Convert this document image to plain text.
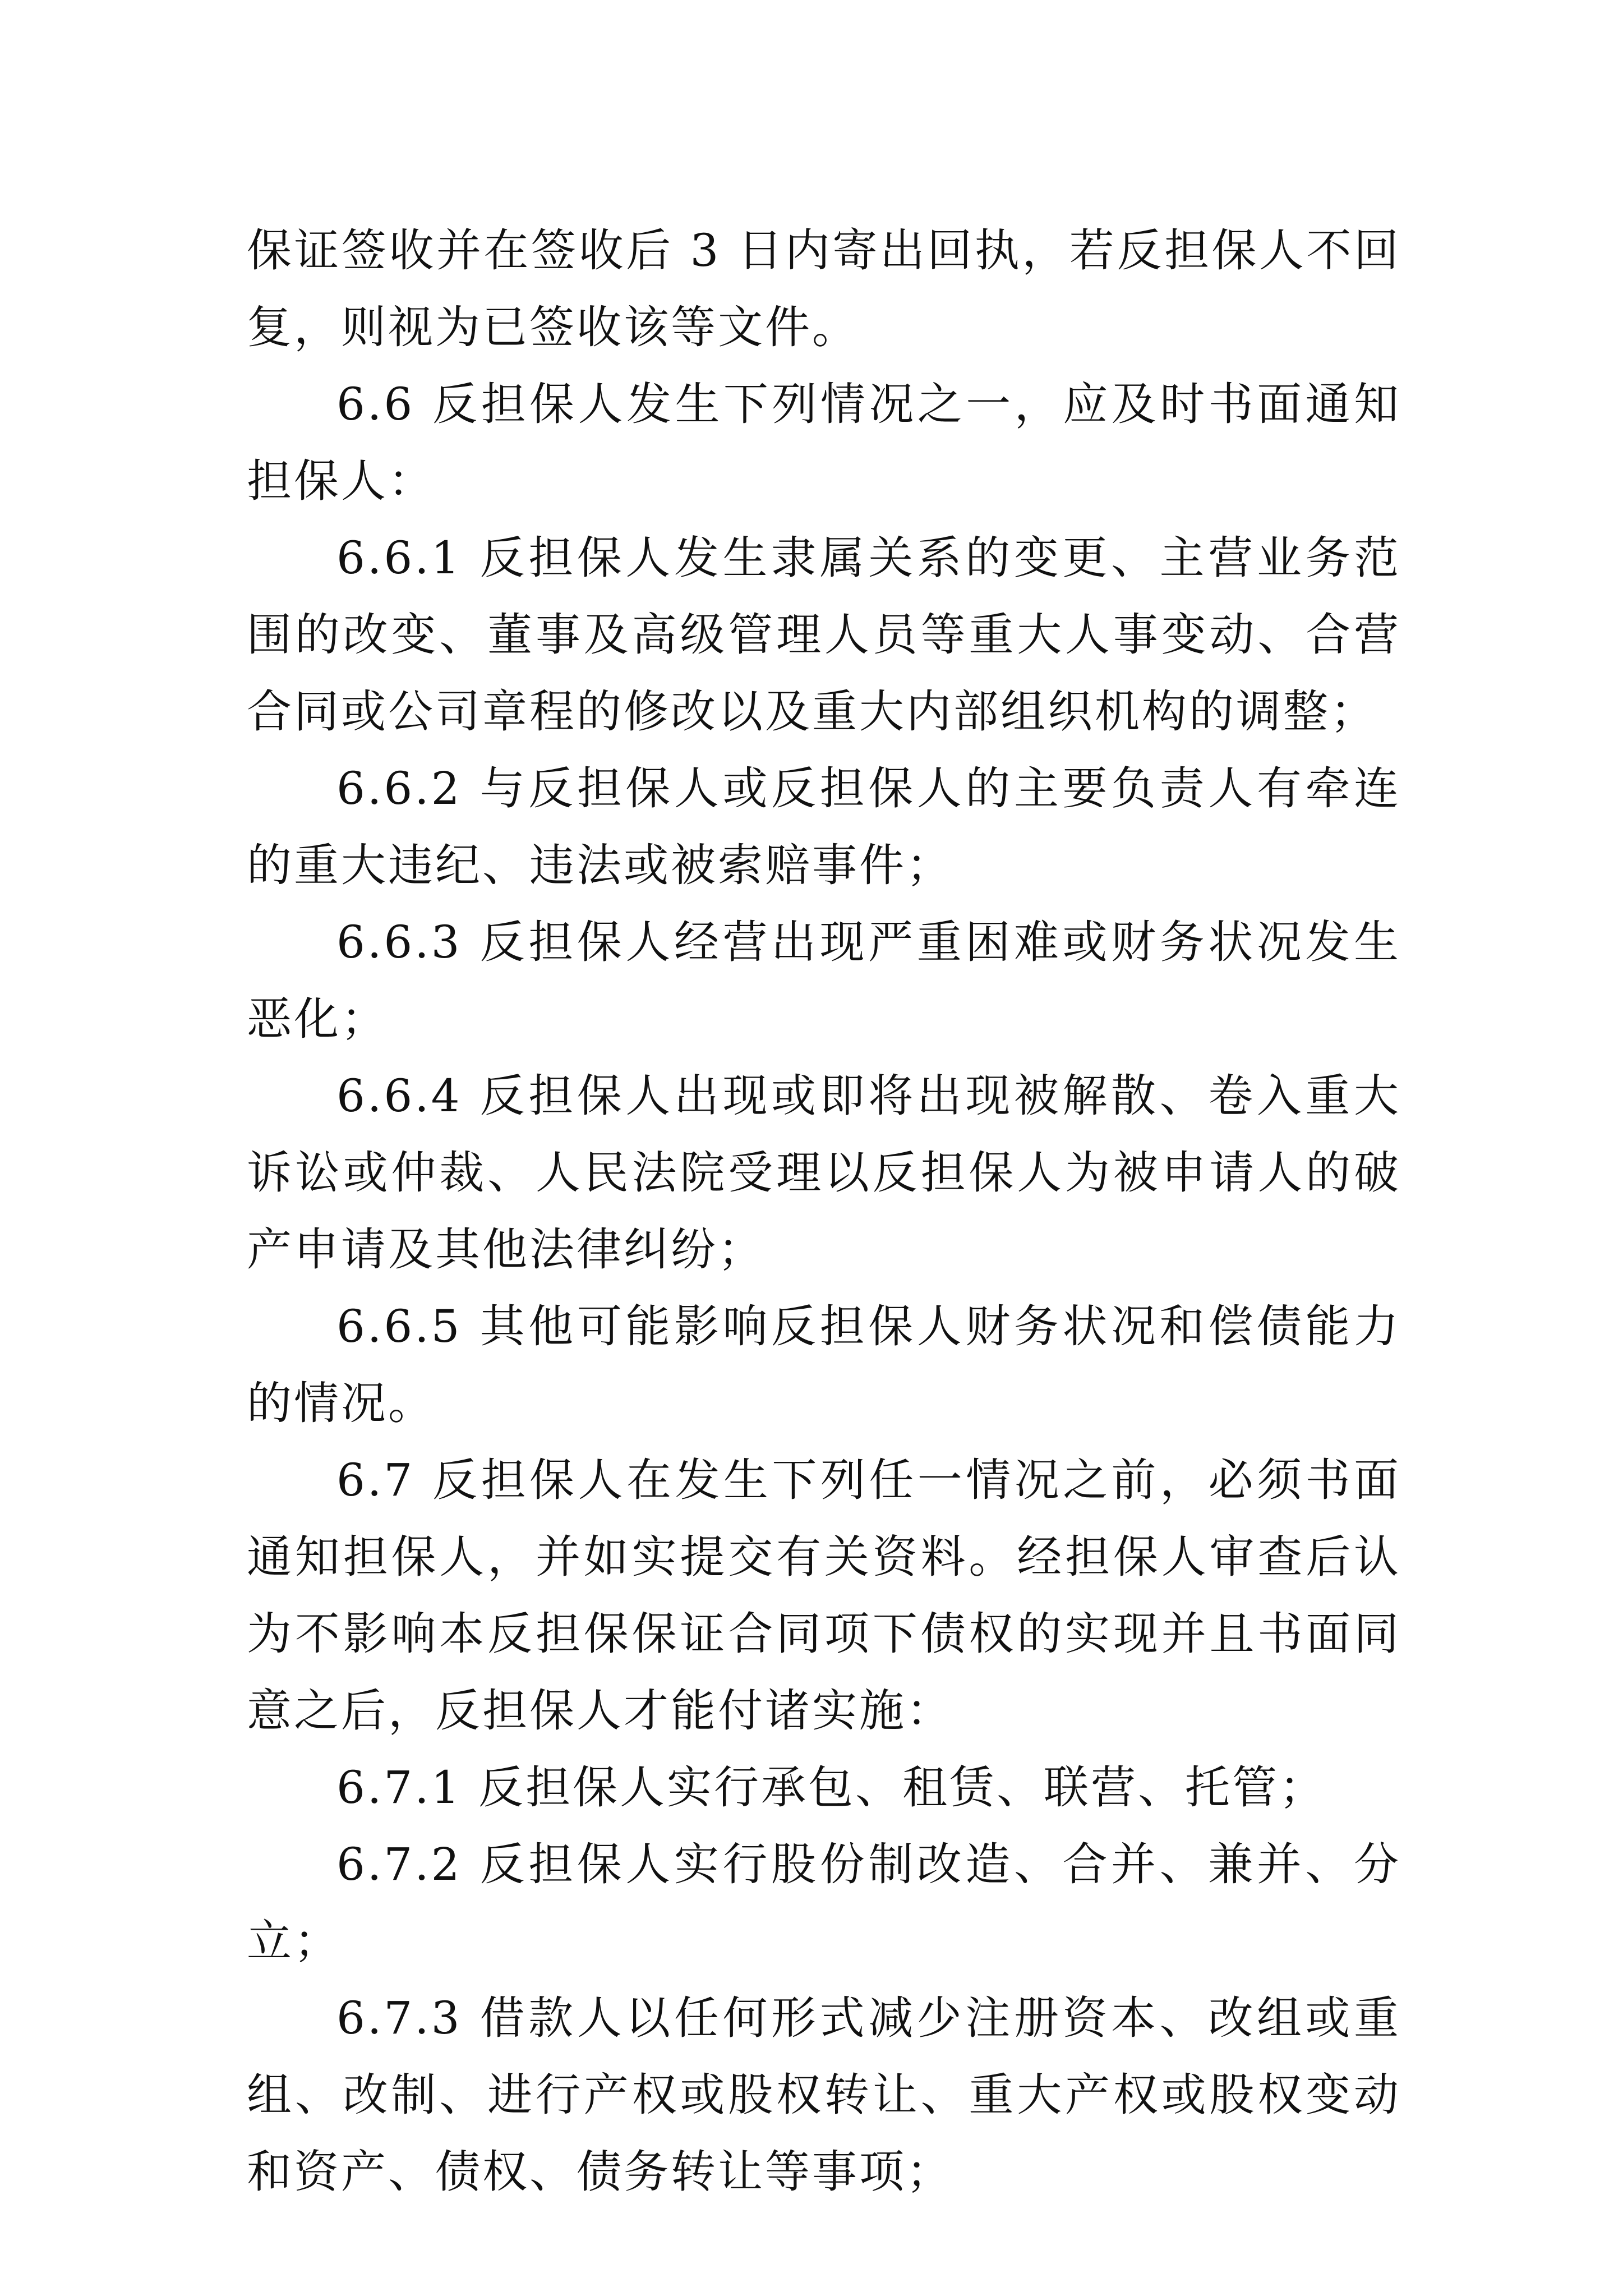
保证签收并在签收后 3 日内寄出回执，若反担保人不回复，则视为已签收该等文件。

6.6 反担保人发生下列情况之一，应及时书面通知担保人：

6.6.1 反担保人发生隶属关系的变更、主营业务范围的改变、董事及高级管理人员等重大人事变动、合营合同或公司章程的修改以及重大内部组织机构的调整；

6.6.2 与反担保人或反担保人的主要负责人有牵连的重大违纪、违法或被索赔事件；

6.6.3 反担保人经营出现严重困难或财务状况发生恶化；

6.6.4 反担保人出现或即将出现被解散、卷入重大诉讼或仲裁、人民法院受理以反担保人为被申请人的破产申请及其他法律纠纷；

6.6.5 其他可能影响反担保人财务状况和偿债能力的情况。

6.7 反担保人在发生下列任一情况之前，必须书面通知担保人，并如实提交有关资料。经担保人审查后认为不影响本反担保保证合同项下债权的实现并且书面同意之后，反担保人才能付诸实施：

6.7.1 反担保人实行承包、租赁、联营、托管；

6.7.2 反担保人实行股份制改造、合并、兼并、分立；

6.7.3 借款人以任何形式减少注册资本、改组或重组、改制、进行产权或股权转让、重大产权或股权变动和资产、债权、债务转让等事项；
